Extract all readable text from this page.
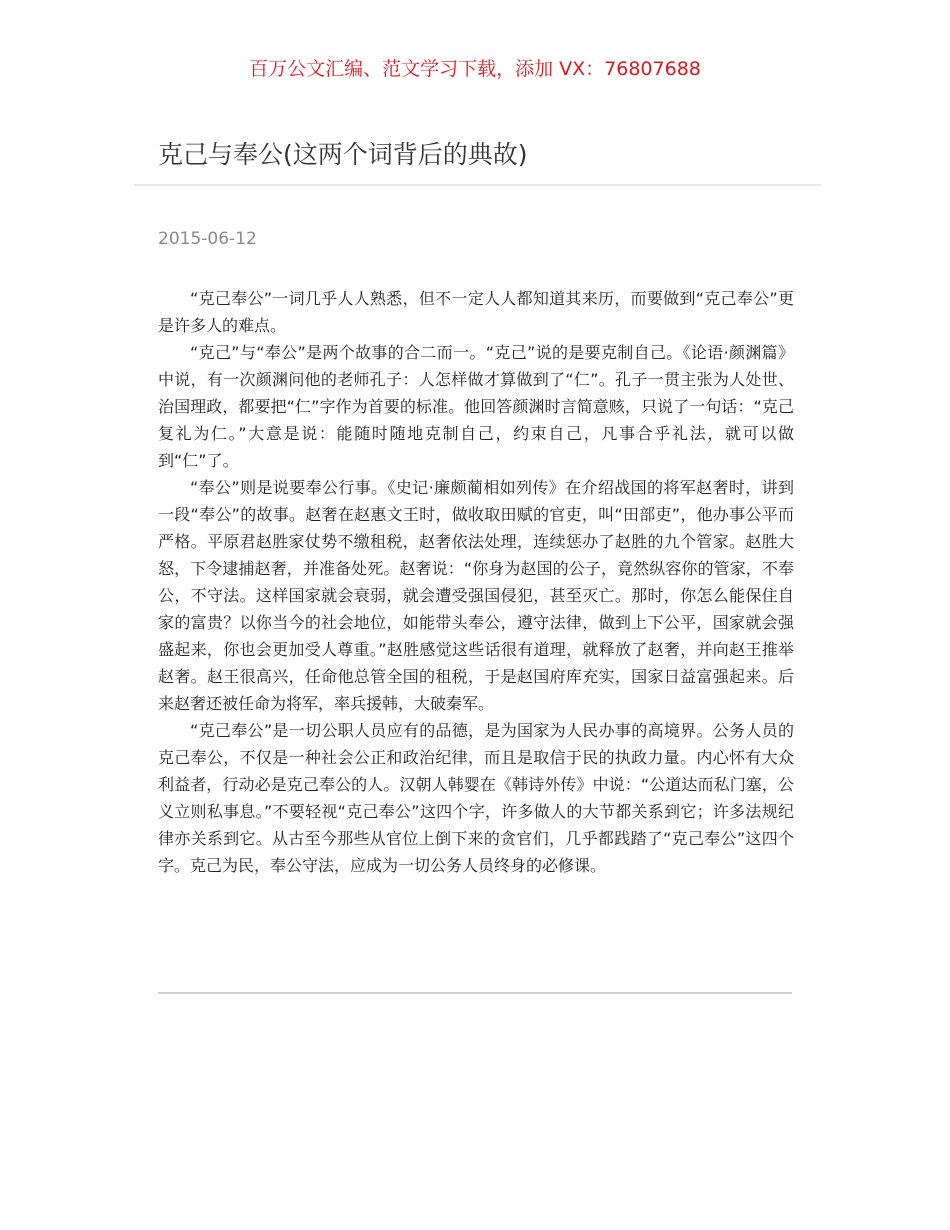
百万公文汇编、范文学习下载，添加 VX：76807688
克己与奉公(这两个词背后的典故)
2015-06-12

“克己奉公”一词几乎人人熟悉，但不一定人人都知道其来历，而要做到“克己奉公”更是许多人的难点。

“克己”与“奉公”是两个故事的合二而一。“克己”说的是要克制自己。《论语·颜渊篇》中说，有一次颜渊问他的老师孔子：人怎样做才算做到了“仁”。孔子一贯主张为人处世、治国理政，都要把“仁”字作为首要的标准。他回答颜渊时言简意赅，只说了一句话：“克己复礼为仁。”大意是说：能随时随地克制自己，约束自己，凡事合乎礼法，就可以做到“仁”了。

“奉公”则是说要奉公行事。《史记·廉颇蔺相如列传》在介绍战国的将军赵奢时，讲到一段“奉公”的故事。赵奢在赵惠文王时，做收取田赋的官吏，叫“田部吏”，他办事公平而严格。平原君赵胜家仗势不缴租税，赵奢依法处理，连续惩办了赵胜的九个管家。赵胜大怒，下令逮捕赵奢，并准备处死。赵奢说：“你身为赵国的公子，竟然纵容你的管家，不奉公，不守法。这样国家就会衰弱，就会遭受强国侵犯，甚至灭亡。那时，你怎么能保住自家的富贵？以你当今的社会地位，如能带头奉公，遵守法律，做到上下公平，国家就会强盛起来，你也会更加受人尊重。”赵胜感觉这些话很有道理，就释放了赵奢，并向赵王推举赵奢。赵王很高兴，任命他总管全国的租税，于是赵国府库充实，国家日益富强起来。后来赵奢还被任命为将军，率兵援韩，大破秦军。

“克己奉公”是一切公职人员应有的品德，是为国家为人民办事的高境界。公务人员的克己奉公，不仅是一种社会公正和政治纪律，而且是取信于民的执政力量。内心怀有大众利益者，行动必是克己奉公的人。汉朝人韩婴在《韩诗外传》中说：“公道达而私门塞，公义立则私事息。”不要轻视“克己奉公”这四个字，许多做人的大节都关系到它；许多法规纪律亦关系到它。从古至今那些从官位上倒下来的贪官们，几乎都践踏了“克己奉公”这四个字。克己为民，奉公守法，应成为一切公务人员终身的必修课。
